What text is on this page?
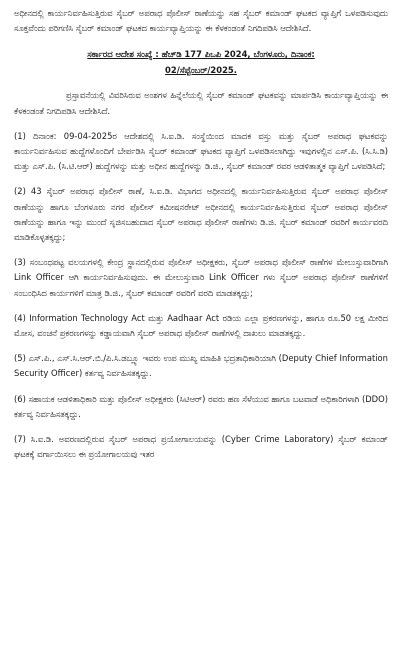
ಅಧೀನದಲ್ಲಿ ಕಾರ್ಯನಿರ್ವಹಿಸುತ್ತಿರುವ ಸೈಬರ್ ಅಪರಾಧ ಪೊಲೀಸ್ ಠಾಣೆಯನ್ನು ಸಹ ಸೈಬರ್ ಕಮಾಂಡ್ ಘಟಕದ ವ್ಯಾಪ್ತಿಗೆ ಒಳಪಡಿಸುವುದು ಸೂಕ್ತವೆಂದು ಪರಿಗಣಿಸಿ ಸೈಬರ್ ಕಮಾಂಡ್ ಘಟಕದ ಕಾರ್ಯವ್ಯಾಪ್ತಿಯನ್ನು ಈ ಕೆಳಕಂಡಂತೆ ನಿಗದಿಪಡಿಸಿ ಆದೇಶಿಸಿದೆ.

ಸರ್ಕಾರದ ಆದೇಶ ಸಂಖ್ಯೆ : ಹೆಚ್‌ಡಿ 177 ಪಿಒಪಿ 2024, ಬೆಂಗಳೂರು, ದಿನಾಂಕ:
02/ಸೆಪ್ಟೆಂಬರ್/2025.

ಪ್ರಸ್ತಾವನೆಯಲ್ಲಿ ವಿವರಿಸಿರುವ ಅಂಶಗಳ ಹಿನ್ನೆಲೆಯಲ್ಲಿ ಸೈಬರ್ ಕಮಾಂಡ್ ಘಟಕವನ್ನು ಮಾರ್ಪಡಿಸಿ ಕಾರ್ಯವ್ಯಾಪ್ತಿಯನ್ನು ಈ ಕೆಳಕಂಡಂತೆ ನಿಗದಿಪಡಿಸಿ ಆದೇಶಿಸಿದೆ.

(1) ದಿನಾಂಕ: 09-04-2025ರ ಆದೇಶದಲ್ಲಿ ಸಿ.ಐ.ಡಿ. ಸಂಸ್ಥೆಯಿಂದ ಮಾದಕ ವಸ್ತು ಮತ್ತು ಸೈಬರ್ ಅಪರಾಧ ಘಟಕವನ್ನು ಕಾರ್ಯನಿರ್ವಹಿಸುವ ಹುದ್ದೆಗಳೊಂದಿಗೆ ಬೇರ್ಪಡಿಸಿ ಸೈಬರ್ ಕಮಾಂಡ್ ಘಟಕದ ವ್ಯಾಪ್ತಿಗೆ ಒಳಪಡಿಸಲಾಗಿದ್ದು ಇವುಗಳಲ್ಲಿನ ಎಸ್.ಪಿ. (ಸಿ.ಸಿ.ಡಿ) ಮತ್ತು ಎಸ್.ಪಿ. (ಸಿ.ಟಿ.ಆರ್) ಹುದ್ದೆಗಳನ್ನು ಮತ್ತು ಅಧೀನ ಹುದ್ದೆಗಳನ್ನು ಡಿ.ಜಿ., ಸೈಬರ್ ಕಮಾಂಡ್ ರವರ ಆಡಳಿತಾತ್ಮಕ ವ್ಯಾಪ್ತಿಗೆ ಒಳಪಡಿಸಿದೆ;

(2) 43 ಸೈಬರ್ ಅಪರಾಧ ಪೊಲೀಸ್ ಠಾಣೆ, ಸಿ.ಐ.ಡಿ. ವಿಭಾಗದ ಅಧೀನದಲ್ಲಿ ಕಾರ್ಯನಿರ್ವಹಿಸುತ್ತಿರುವ ಸೈಬರ್ ಅಪರಾಧ ಪೊಲೀಸ್ ಠಾಣೆಯನ್ನು ಹಾಗೂ ಬೆಂಗಳೂರು ನಗರ ಪೊಲೀಸ್ ಕಮೀಷನರೇಟ್ ಅಧೀನದಲ್ಲಿ ಕಾರ್ಯನಿರ್ವಹಿಸುತ್ತಿರುವ ಸೈಬರ್ ಅಪರಾಧ ಪೊಲೀಸ್ ಠಾಣೆಯನ್ನು ಹಾಗೂ ಇನ್ನು ಮುಂದೆ ಸೃಜಿಸಬಹುದಾದ ಸೈಬರ್ ಅಪರಾಧ ಪೊಲೀಸ್ ಠಾಣೆಗಳು ಡಿ.ಜಿ. ಸೈಬರ್ ಕಮಾಂಡ್ ರವರಿಗೆ ಕಾರ್ಯವರದಿ ಮಾಡಿಕೊಳ್ಳತಕ್ಕದ್ದು;

(3) ಸಂಬಂಧಪಟ್ಟ ವಲಯಗಳಲ್ಲಿ ಕೇಂದ್ರ ಸ್ಥಾನದಲ್ಲಿರುವ ಪೊಲೀಸ್ ಅಧೀಕ್ಷಕರು, ಸೈಬರ್ ಅಪರಾಧ ಪೊಲೀಸ್ ಠಾಣೆಗಳ ಮೇಲುಸ್ತುವಾರಿಗಾಗಿ Link Officer ಆಗಿ ಕಾರ್ಯನಿರ್ವಹಿಸುವುದು. ಈ ಮೇಲುಸ್ತುವಾರಿ Link Officer ಗಳು ಸೈಬರ್ ಅಪರಾಧ ಪೊಲೀಸ್ ಠಾಣೆಗಳಿಗೆ ಸಂಬಂಧಿಸಿದ ಕಾರ್ಯಗಳಿಗೆ ಮಾತ್ರ ಡಿ.ಜಿ., ಸೈಬರ್ ಕಮಾಂಡ್ ರವರಿಗೆ ವರದಿ ಮಾಡತಕ್ಕದ್ದು;

(4) Information Technology Act ಮತ್ತು Aadhaar Act ರಡಿಯ ಎಲ್ಲಾ ಪ್ರಕರಣಗಳನ್ನು, ಹಾಗೂ ರೂ.50 ಲಕ್ಷ ಮೀರಿದ ಮೋಸ, ವಂಚನೆ ಪ್ರಕರಣಗಳನ್ನು ಕಡ್ಡಾಯವಾಗಿ ಸೈಬರ್ ಅಪರಾಧ ಪೊಲೀಸ್ ಠಾಣೆಗಳಲ್ಲಿ ದಾಖಲು ಮಾಡತಕ್ಕದ್ದು.

(5) ಎಸ್.ಪಿ., ಎಸ್.ಸಿ.ಆರ್.ಬಿ./ಪಿ.ಸಿ.ಡಬ್ಲ್ಯೂ ಇವರು ಉಪ ಮುಖ್ಯ ಮಾಹಿತಿ ಭದ್ರತಾಧಿಕಾರಿಯಾಗಿ (Deputy Chief Information Security Officer) ಕರ್ತವ್ಯ ನಿರ್ವಹಿಸತಕ್ಕದ್ದು.

(6) ಸಹಾಯಕ ಆಡಳಿತಾಧಿಕಾರಿ ಮತ್ತು ಪೊಲೀಸ್ ಅಧೀಕ್ಷಕರು (ಸಿಟಿಆರ್) ರವರು ಹಣ ಸೆಳೆಯುವ ಹಾಗೂ ಬಟವಾಡೆ ಅಧಿಕಾರಿಗಳಾಗಿ (DDO) ಕರ್ತವ್ಯ ನಿರ್ವಹಿಸತಕ್ಕದ್ದು.

(7) ಸಿ.ಐ.ಡಿ. ಅವರಣದಲ್ಲಿರುವ ಸೈಬರ್ ಅಪರಾಧ ಪ್ರಯೋಗಾಲಯವನ್ನು (Cyber Crime Laboratory) ಸೈಬರ್ ಕಮಾಂಡ್ ಘಟಕಕ್ಕೆ ವರ್ಗಾಯಿಸಲು ಈ ಪ್ರಯೋಗಾಲಯವು ಇತರ
